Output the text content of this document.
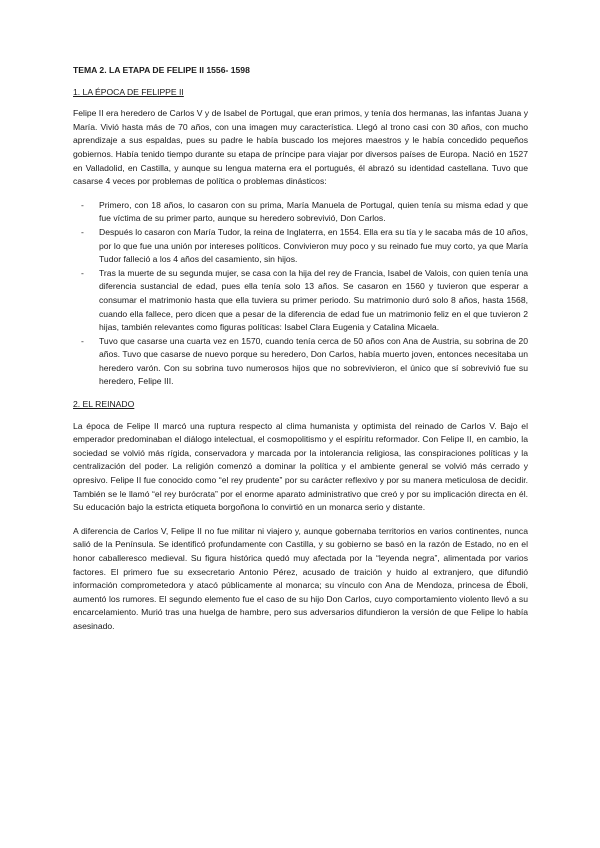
TEMA 2. LA ETAPA DE FELIPE II 1556- 1598
1. LA ÉPOCA DE FELIPPE II

Felipe II era heredero de Carlos V y de Isabel de Portugal, que eran primos, y tenía dos hermanas, las infantas Juana y María. Vivió hasta más de 70 años, con una imagen muy característica. Llegó al trono casi con 30 años, con mucho aprendizaje a sus espaldas, pues su padre le había buscado los mejores maestros y le había concedido pequeños gobiernos. Había tenido tiempo durante su etapa de príncipe para viajar por diversos países de Europa. Nació en 1527 en Valladolid, en Castilla, y aunque su lengua materna era el portugués, él abrazó su identidad castellana. Tuvo que casarse 4 veces por problemas de política o problemas dinásticos:

- Primero, con 18 años, lo casaron con su prima, María Manuela de Portugal, quien tenía su misma edad y que fue víctima de su primer parto, aunque su heredero sobrevivió, Don Carlos.
- Después lo casaron con María Tudor, la reina de Inglaterra, en 1554. Ella era su tía y le sacaba más de 10 años, por lo que fue una unión por intereses políticos. Convivieron muy poco y su reinado fue muy corto, ya que María Tudor falleció a los 4 años del casamiento, sin hijos.
- Tras la muerte de su segunda mujer, se casa con la hija del rey de Francia, Isabel de Valois, con quien tenía una diferencia sustancial de edad, pues ella tenía solo 13 años. Se casaron en 1560 y tuvieron que esperar a consumar el matrimonio hasta que ella tuviera su primer periodo. Su matrimonio duró solo 8 años, hasta 1568, cuando ella fallece, pero dicen que a pesar de la diferencia de edad fue un matrimonio feliz en el que tuvieron 2 hijas, también relevantes como figuras políticas: Isabel Clara Eugenia y Catalina Micaela.
- Tuvo que casarse una cuarta vez en 1570, cuando tenía cerca de 50 años con Ana de Austria, su sobrina de 20 años. Tuvo que casarse de nuevo porque su heredero, Don Carlos, había muerto joven, entonces necesitaba un heredero varón. Con su sobrina tuvo numerosos hijos que no sobrevivieron, el único que sí sobrevivió fue su heredero, Felipe III.
2. EL REINADO

La época de Felipe II marcó una ruptura respecto al clima humanista y optimista del reinado de Carlos V. Bajo el emperador predominaban el diálogo intelectual, el cosmopolitismo y el espíritu reformador. Con Felipe II, en cambio, la sociedad se volvió más rígida, conservadora y marcada por la intolerancia religiosa, las conspiraciones políticas y la centralización del poder. La religión comenzó a dominar la política y el ambiente general se volvió más cerrado y opresivo. Felipe II fue conocido como “el rey prudente” por su carácter reflexivo y por su manera meticulosa de decidir. También se le llamó “el rey burócrata” por el enorme aparato administrativo que creó y por su implicación directa en él. Su educación bajo la estricta etiqueta borgoñona lo convirtió en un monarca serio y distante.

A diferencia de Carlos V, Felipe II no fue militar ni viajero y, aunque gobernaba territorios en varios continentes, nunca salió de la Península. Se identificó profundamente con Castilla, y su gobierno se basó en la razón de Estado, no en el honor caballeresco medieval. Su figura histórica quedó muy afectada por la “leyenda negra”, alimentada por varios factores. El primero fue su exsecretario Antonio Pérez, acusado de traición y huido al extranjero, que difundió información comprometedora y atacó públicamente al monarca; su vínculo con Ana de Mendoza, princesa de Éboli, aumentó los rumores. El segundo elemento fue el caso de su hijo Don Carlos, cuyo comportamiento violento llevó a su encarcelamiento. Murió tras una huelga de hambre, pero sus adversarios difundieron la versión de que Felipe lo había asesinado.
